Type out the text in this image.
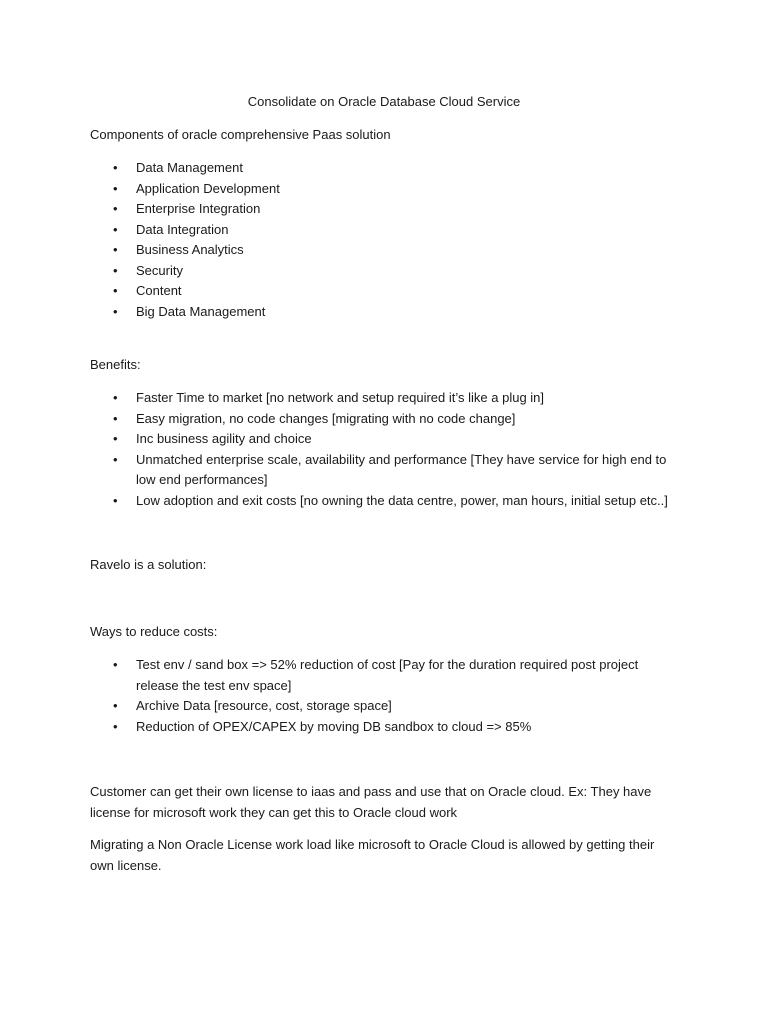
Consolidate on Oracle Database Cloud Service

Components of oracle comprehensive Paas solution

• Data Management
• Application Development
• Enterprise Integration
• Data Integration
• Business Analytics
• Security
• Content
• Big Data Management

Benefits:

• Faster Time to market [no network and setup required it’s like a plug in]
• Easy migration, no code changes [migrating with no code change]
• Inc business agility and choice
• Unmatched enterprise scale, availability and performance [They have service for high end to low end performances]
• Low adoption and exit costs [no owning the data centre, power, man hours, initial setup etc..]

Ravelo is a solution:

Ways to reduce costs:

• Test env / sand box => 52% reduction of cost [Pay for the duration required post project release the test env space]
• Archive Data [resource, cost, storage space]
• Reduction of OPEX/CAPEX by moving DB sandbox to cloud => 85%

Customer can get their own license to iaas and pass and use that on Oracle cloud. Ex: They have license for microsoft work they can get this to Oracle cloud work

Migrating a Non Oracle License work load like microsoft to Oracle Cloud is allowed by getting their own license.
